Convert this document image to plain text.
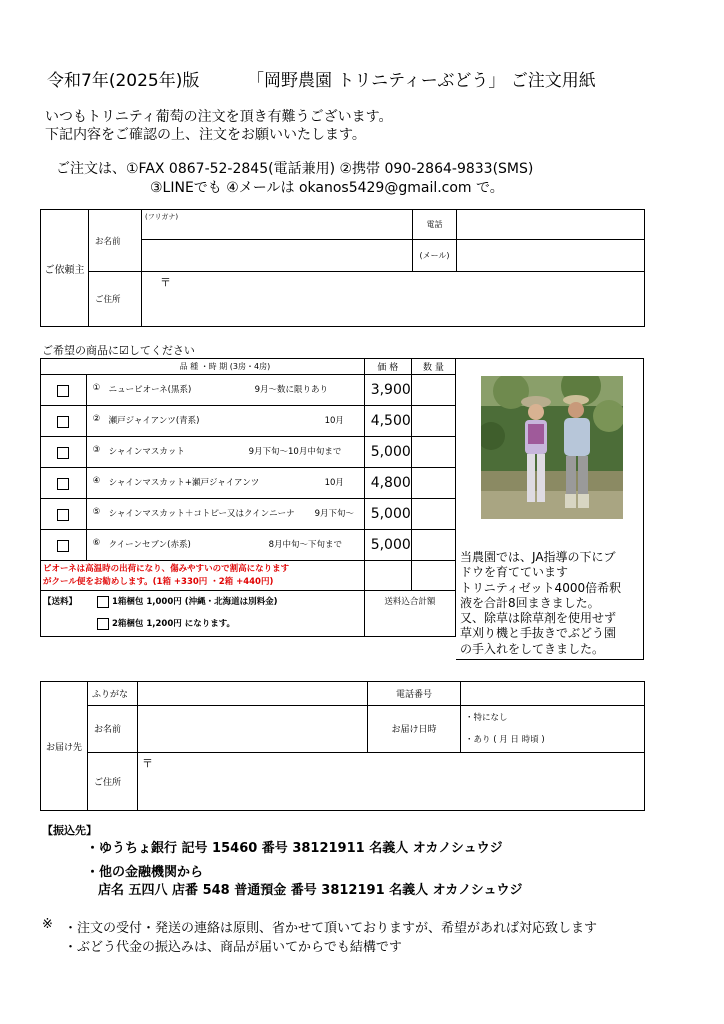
令和7年(2025年)版	「岡野農園 トリニティーぶどう」 ご注文用紙
いつもトリニティ葡萄の注文を頂き有難うございます。
下記内容をご確認の上、注文をお願いいたします。
ご注文は、①FAX 0867-52-2845(電話兼用) ②携帯 090-2864-9833(SMS)
③LINEでも ④メールは okanos5429@gmail.com で。
ご依頼主	お名前	(フリガナ)	電話	
			(メール)	
	ご住所	〒		
ご希望の商品に☑してください
	品 種 ・時 期 (3房・4房)	価 格	数 量

	① ニューピオーネ(黒系) 9月～数に限りあり	3,900	

	② 瀬戸ジャイアンツ(青系) 10月	4,500	

	③ シャインマスカット 9月下旬～10月中旬まで	5,000	

	④ シャインマスカット+瀬戸ジャイアンツ 10月	4,800	

	⑤ シャインマスカット＋コトピー又はクインニーナ 9月下旬～	5,000	

	⑥ クイーンセブン(赤系) 8月中旬～下旬まで	5,000	

ピオーネは高温時の出荷になり、傷みやすいので割高になります
がクール便をお勧めします。(1箱 +330円 ・2箱 +440円)			

【送料】 1箱梱包 1,000円 (沖縄・北海道は別料金)
2箱梱包 1,200円 になります。		送料込合計額	
当農園では、JA指導の下にブ
ドウを育てています
トリニティゼット4000倍希釈
液を合計8回まきました。
又、除草は除草剤を使用せず
草刈り機と手抜きでぶどう園
の手入れをしてきました。
お届け先	ふりがな		電話番号	
	お名前		お届け日時	・特になし
・あり ( 月 日 時頃 )

	ご住所	〒		
【振込先】
・ゆうちょ銀行 記号 15460 番号 38121911 名義人 オカノシュウジ
・他の金融機関から
店名 五四八 店番 548 普通預金 番号 3812191 名義人 オカノシュウジ
※ ・注文の受付・発送の連絡は原則、省かせて頂いておりますが、希望があれば対応致します
・ぶどう代金の振込みは、商品が届いてからでも結構です
